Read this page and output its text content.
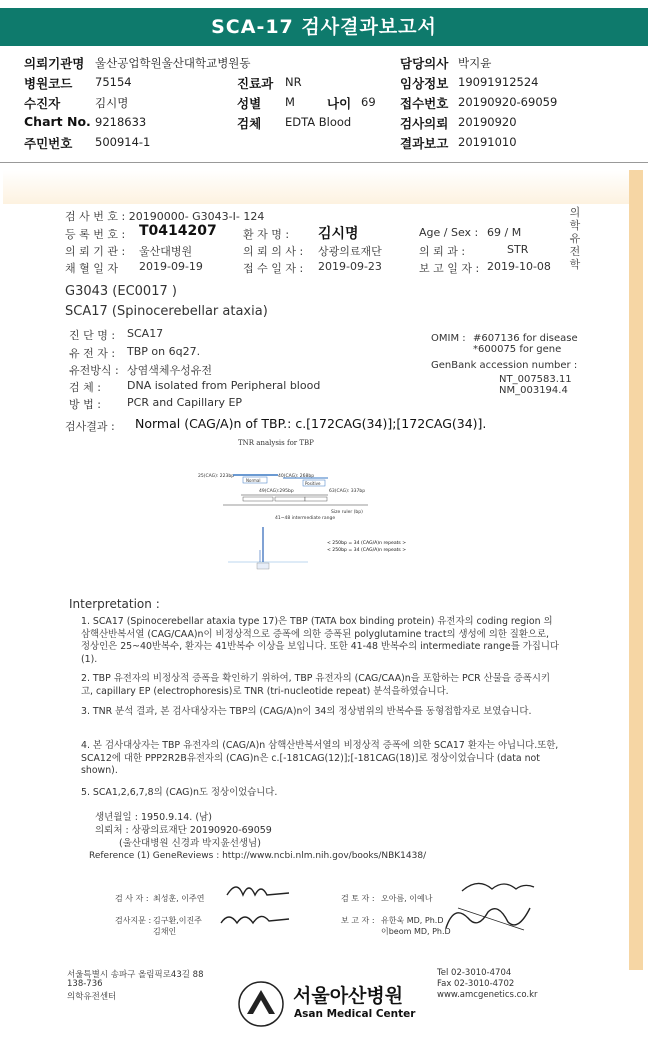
SCA-17 검사결과보고서
의뢰기관명 울산공업학원울산대학교병원동	담당의사 박지윤
병원코드 75154	진료과 NR	임상정보 19091912524
수진자	김시명	성별 M	나이 69 접수번호 20190920-69059
Chart No. 9218633	검체 EDTA Blood	검사의뢰 20190920
주민번호 500914-1	결과보고 20191010
의학유전학
검 사 번 호 : 20190000- G3043-I- 124
등 록 번 호 : T0414207 환 자 명 : 김시명	Age / Sex : 69 / M
의 뢰 기 관 : 울산대병원	의 뢰 의 사 : 상광의료재단	의 뢰 과 :	STR
채 혈 일 자 2019-09-19	접 수 일 자 : 2019-09-23	보 고 일 자 : 2019-10-08
G3043 (EC0017 )
SCA17 (Spinocerebellar ataxia)
진 단 명 : SCA17
유 전 자 : TBP on 6q27.
유전방식 : 상염색체우성유전
검 체 : DNA isolated from Peripheral blood
방 법 : PCR and Capillary EP
OMIM : #607136 for disease
*600075 for gene
GenBank accession number :
NT_007583.11
NM_003194.4
검사결과 : Normal (CAG/A)n of TBP.: c.[172CAG(34)];[172CAG(34)].
TNR analysis for TBP
25(CAG): 223bp	40(CAG): 268bp
Normal
Positive
49(CAG):295bp	63(CAG): 337bp
Size ruler (bp)
41~48 intermediate range
< 250bp = 34 (CAG/A)n repeats >
< 250bp = 34 (CAG/A)n repeats >
Interpretation :
1. SCA17 (Spinocerebellar ataxia type 17)은 TBP (TATA box binding protein) 유전자의 coding region 의 삼핵산반복서열 (CAG/CAA)n이 비정상적으로 증폭에 의한 증폭된 polyglutamine tract의 생성에 의한 질환으로, 정상인은 25~40반복수, 환자는 41반복수 이상을 보입니다. 또한 41-48 반복수의 intermediate range를 가집니다 (1).
2. TBP 유전자의 비정상적 증폭을 확인하기 위하여, TBP 유전자의 (CAG/CAA)n을 포함하는 PCR 산물을 증폭시키고, capillary EP (electrophoresis)로 TNR (tri-nucleotide repeat) 분석을하였습니다.
3. TNR 분석 결과, 본 검사대상자는 TBP의 (CAG/A)n이 34의 정상범위의 반복수를 동형접합자로 보였습니다.
4. 본 검사대상자는 TBP 유전자의 (CAG/A)n 삼핵산반복서열의 비정상적 증폭에 의한 SCA17 환자는 아닙니다.또한, SCA12에 대한 PPP2R2B유전자의 (CAG)n은 c.[-181CAG(12)];[-181CAG(18)]로 정상이었습니다 (data not shown).
5. SCA1,2,6,7,8의 (CAG)n도 정상이었습니다.
생년월일 : 1950.9.14. (남)
의뢰처 : 상광의료재단 20190920-69059
(울산대병원 신경과 박지윤선생님)
Reference (1) GeneReviews : http://www.ncbi.nlm.nih.gov/books/NBK1438/
검 사 자 : 최성훈, 이주연	검 토 자 : 오아름, 이예나
검사지문 : 김구환,이진주
김채인
보 고 자 : 유한욱 MD, Ph.D
이beom MD, Ph.D
서울특별시 송파구 올림픽로43길 88
138-736
의학유전센터	서울아산병원
Asan Medical Center
Tel 02-3010-4704
Fax 02-3010-4702
www.amcgenetics.co.kr
